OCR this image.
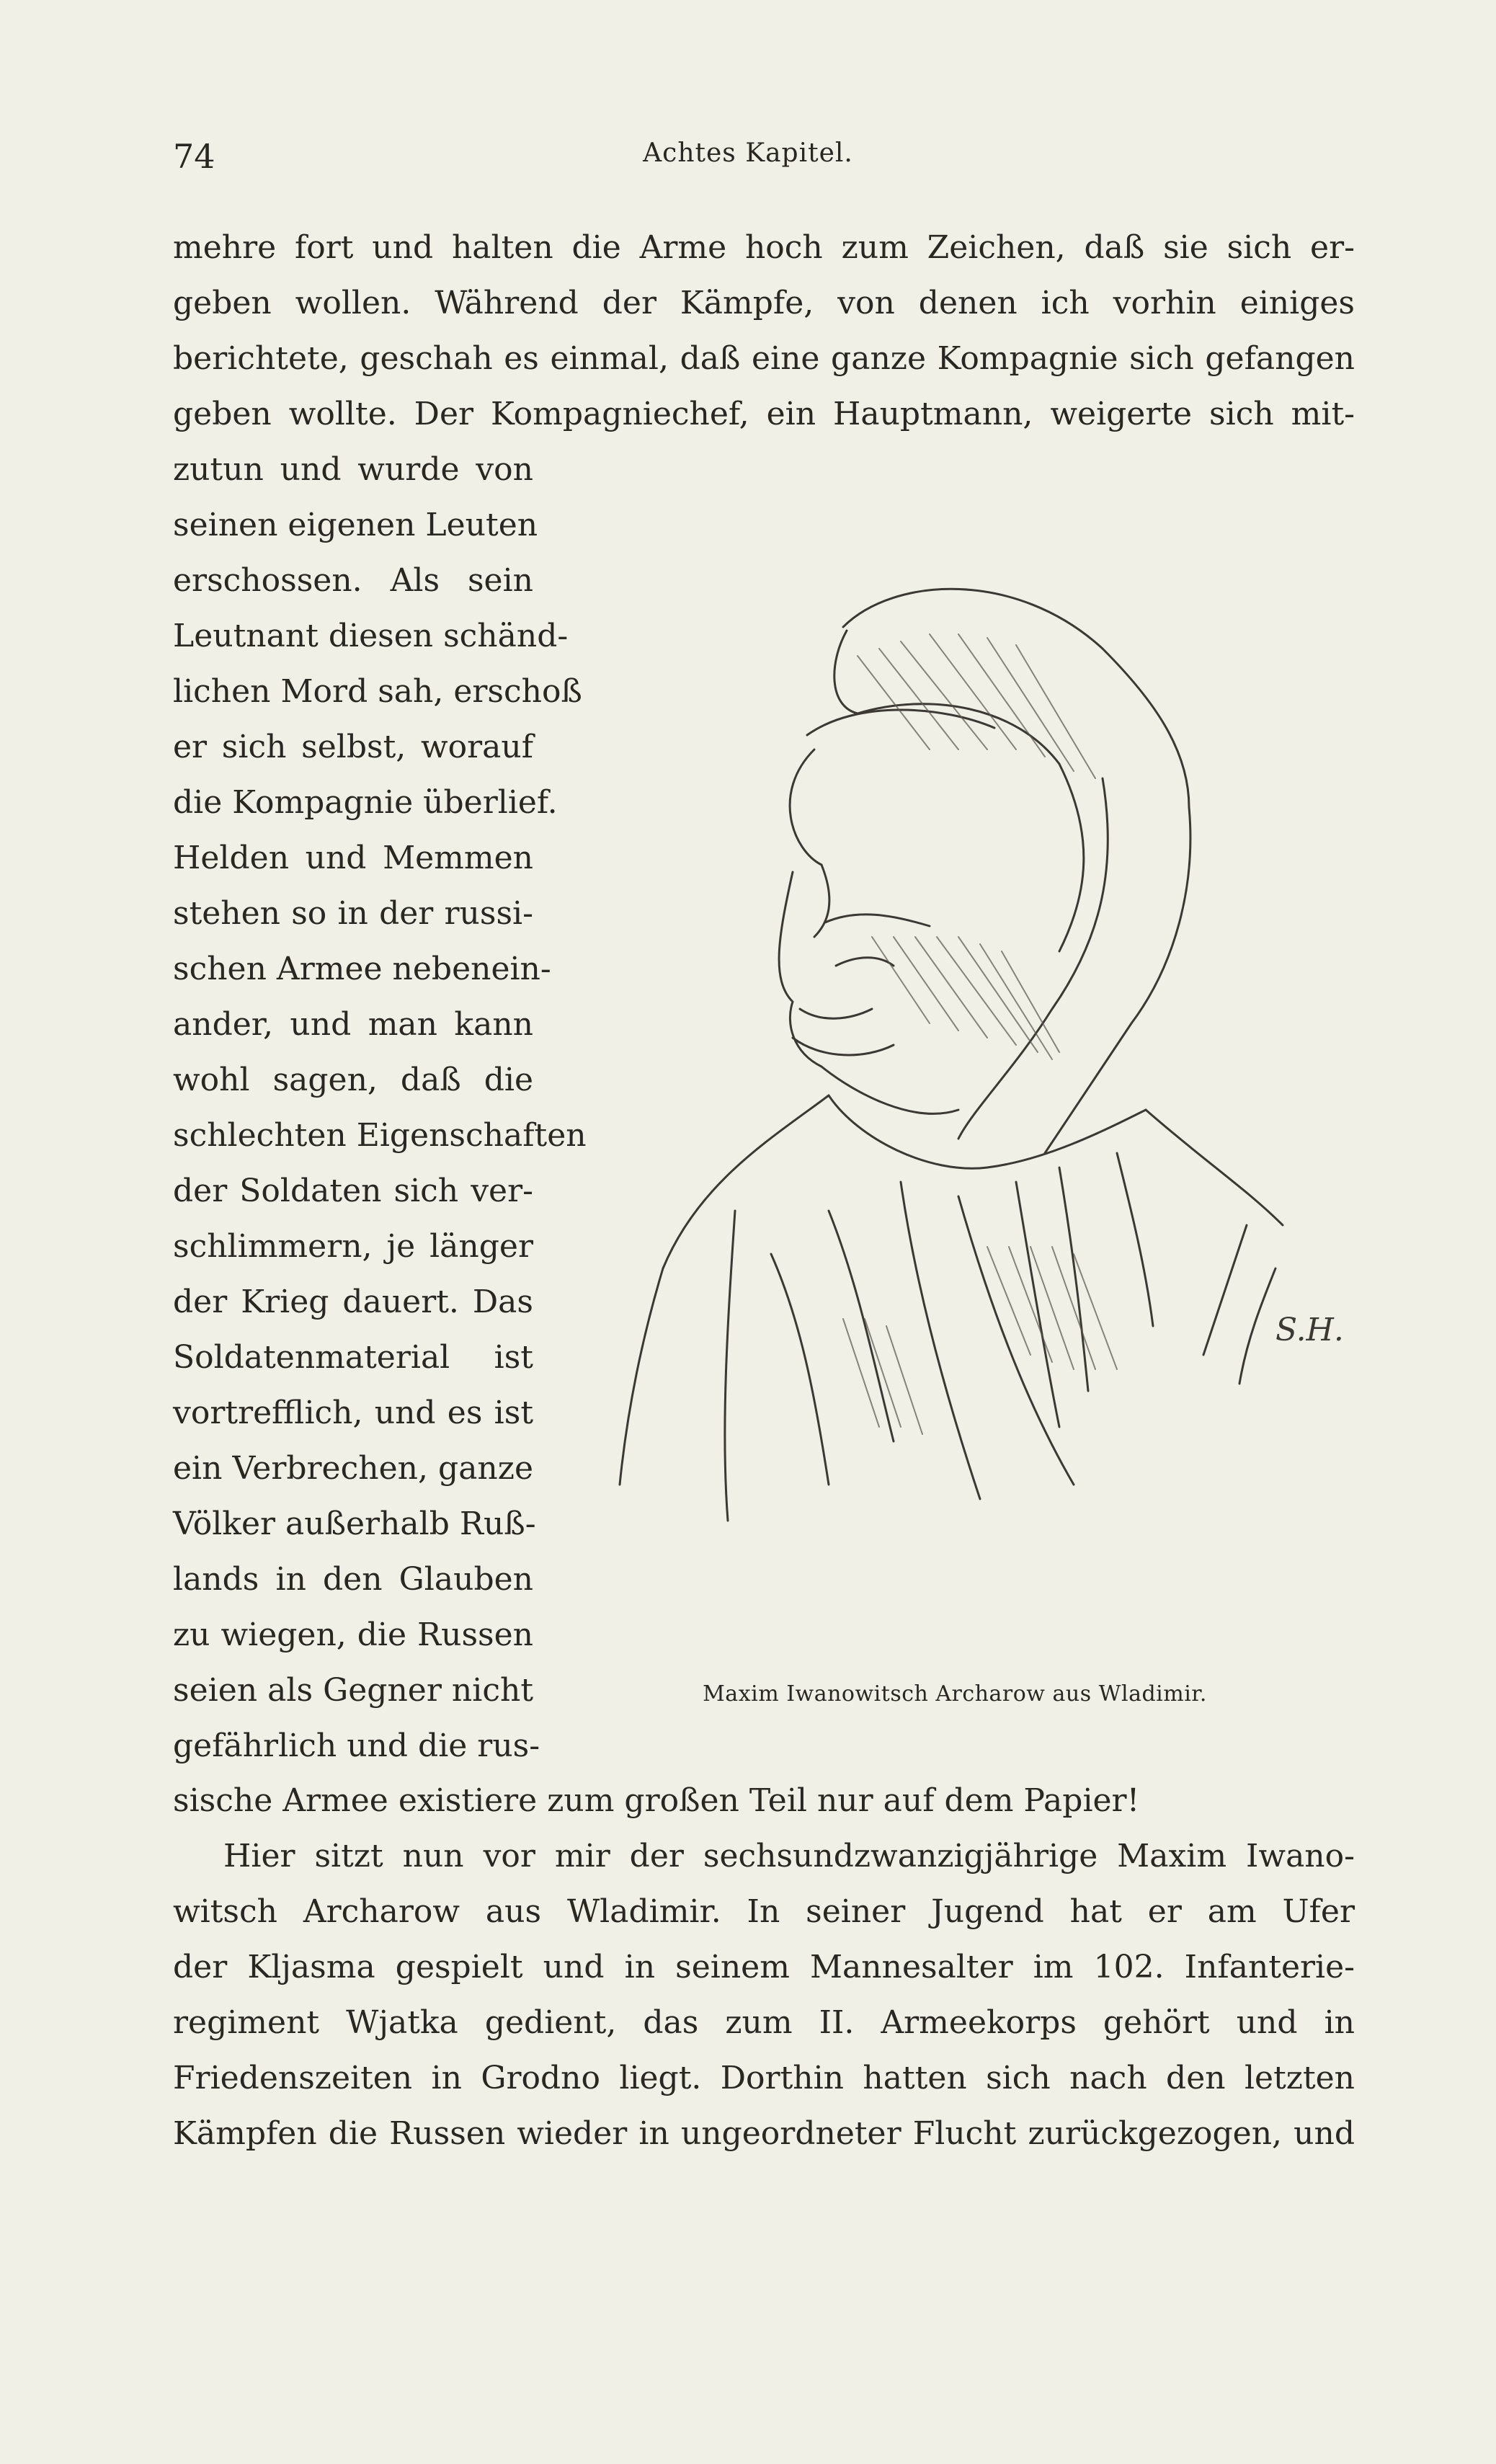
74	Achtes Kapitel.
mehre fort und halten die Arme hoch zum Zeichen, daß sie sich er-
geben wollen. Während der Kämpfe, von denen ich vorhin einiges
berichtete, geschah es einmal, daß eine ganze Kompagnie sich gefangen
geben wollte. Der Kompagniechef, ein Hauptmann, weigerte sich mit-
zutun und wurde von
seinen eigenen Leuten
erschossen. Als sein
Leutnant diesen schänd-
lichen Mord sah, erschoß
er sich selbst, worauf
die Kompagnie überlief.
Helden und Memmen
stehen so in der russi-
schen Armee nebenein-
ander, und man kann
wohl sagen, daß die
schlechten Eigenschaften
der Soldaten sich ver-
schlimmern, je länger
der Krieg dauert. Das
Soldatenmaterial ist
vortrefflich, und es ist
ein Verbrechen, ganze
Völker außerhalb Ruß-
lands in den Glauben
zu wiegen, die Russen
seien als Gegner nicht
gefährlich und die rus-
S.H.
Maxim Iwanowitsch Archarow aus Wladimir.
sische Armee existiere zum großen Teil nur auf dem Papier!
Hier sitzt nun vor mir der sechsundzwanzigjährige Maxim Iwano-
witsch Archarow aus Wladimir. In seiner Jugend hat er am Ufer
der Kljasma gespielt und in seinem Mannesalter im 102. Infanterie-
regiment Wjatka gedient, das zum II. Armeekorps gehört und in
Friedenszeiten in Grodno liegt. Dorthin hatten sich nach den letzten
Kämpfen die Russen wieder in ungeordneter Flucht zurückgezogen, und
